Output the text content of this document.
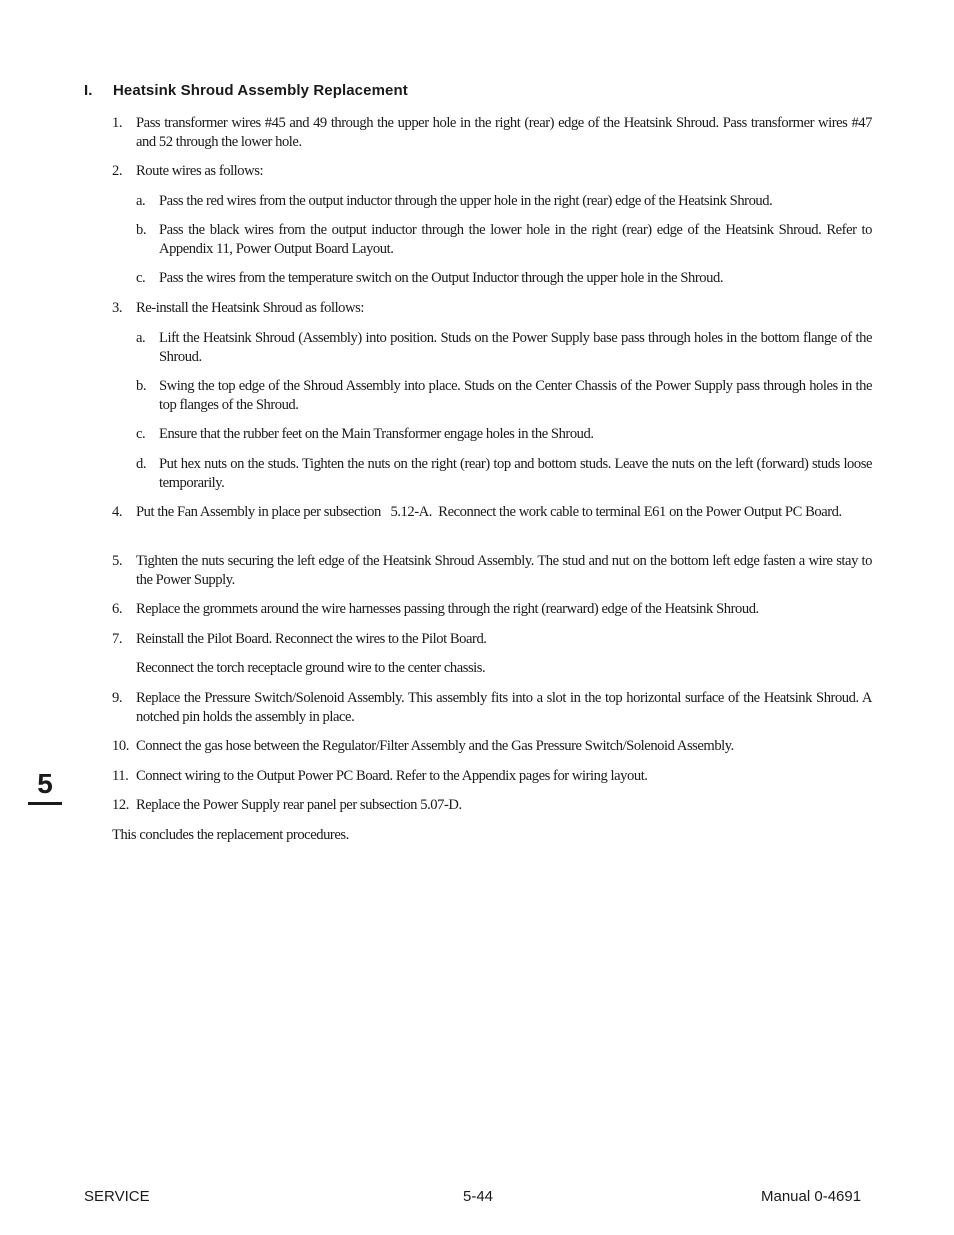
I. Heatsink Shroud Assembly Replacement
1. Pass transformer wires #45 and 49 through the upper hole in the right (rear) edge of the Heatsink Shroud. Pass transformer wires #47 and 52 through the lower hole.
2. Route wires as follows:
a. Pass the red wires from the output inductor through the upper hole in the right (rear) edge of the Heatsink Shroud.
b. Pass the black wires from the output inductor through the lower hole in the right (rear) edge of the Heatsink Shroud. Refer to Appendix 11, Power Output Board Layout.
c. Pass the wires from the temperature switch on the Output Inductor through the upper hole in the Shroud.
3. Re-install the Heatsink Shroud as follows:
a. Lift the Heatsink Shroud (Assembly) into position. Studs on the Power Supply base pass through holes in the bottom flange of the Shroud.
b. Swing the top edge of the Shroud Assembly into place. Studs on the Center Chassis of the Power Supply pass through holes in the top flanges of the Shroud.
c. Ensure that the rubber feet on the Main Transformer engage holes in the Shroud.
d. Put hex nuts on the studs. Tighten the nuts on the right (rear) top and bottom studs. Leave the nuts on the left (forward) studs loose temporarily.
4. Put the Fan Assembly in place per subsection   5.12-A.  Reconnect the work cable to terminal E61 on the Power Output PC Board.
5. Tighten the nuts securing the left edge of the Heatsink Shroud Assembly. The stud and nut on the bottom left edge fasten a wire stay to the Power Supply.
6. Replace the grommets around the wire harnesses passing through the right (rearward) edge of the Heatsink Shroud.
7. Reinstall the Pilot Board. Reconnect the wires to the Pilot Board.
Reconnect the torch receptacle ground wire to the center chassis.
9. Replace the Pressure Switch/Solenoid Assembly. This assembly fits into a slot in the top horizontal surface of the Heatsink Shroud. A notched pin holds the assembly in place.
10. Connect the gas hose between the Regulator/Filter Assembly and the Gas Pressure Switch/Solenoid Assembly.
11. Connect wiring to the Output Power PC Board. Refer to the Appendix pages for wiring layout.
12. Replace the Power Supply rear panel per subsection 5.07-D.
This concludes the replacement procedures.
5
SERVICE	5-44	Manual 0-4691
